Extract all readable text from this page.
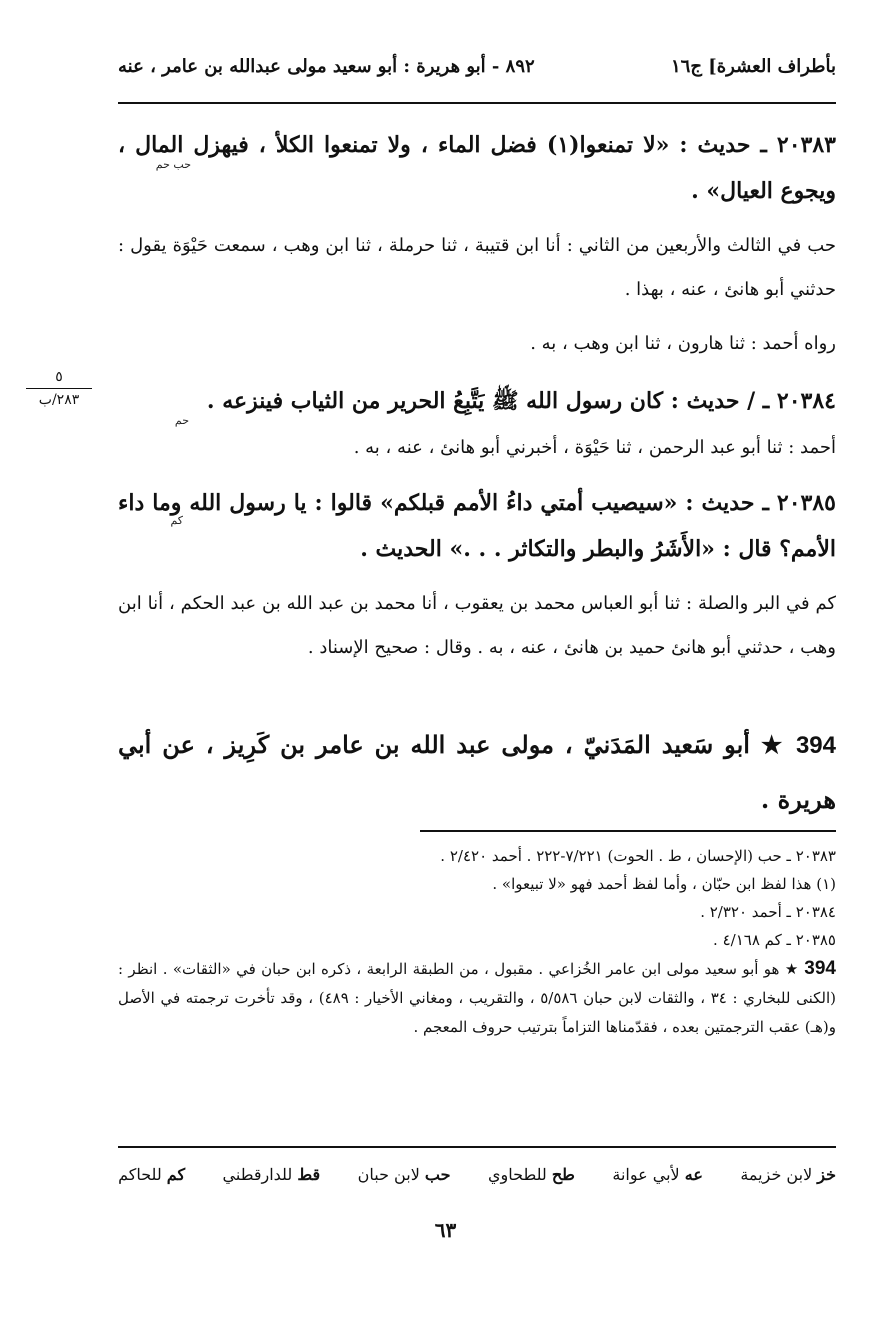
بأطراف العشرة] ج١٦
٨٩٢ - أبو هريرة : أبو سعيد مولى عبدالله بن عامر ، عنه
٥
٢٨٣/ب
٢٠٣٨٣ ـ حديث : «لا تمنعوا(١) فضل الماء ، ولا تمنعوا الكلأ ، فيهزل المال ، ويجوع العيال» .
حب حم
حب في الثالث والأربعين من الثاني : أنا ابن قتيبة ، ثنا حرملة ، ثنا ابن وهب ، سمعت حَيْوَة يقول : حدثني أبو هانئ ، عنه ، بهذا .
رواه أحمد : ثنا هارون ، ثنا ابن وهب ، به .
٢٠٣٨٤ ـ / حديث : كان رسول الله ﷺ يَتَّبِعُ الحرير من الثياب فينزعه .
حم
أحمد : ثنا أبو عبد الرحمن ، ثنا حَيْوَة ، أخبرني أبو هانئ ، عنه ، به .
٢٠٣٨٥ ـ حديث : «سيصيب أمتي داءُ الأمم قبلكم» قالوا : يا رسول الله وما داء الأمم؟ قال : «الأَشَرُ والبطر والتكاثر . . .» الحديث .
كم
كم في البر والصلة : ثنا أبو العباس محمد بن يعقوب ، أنا محمد بن عبد الله بن عبد الحكم ، أنا ابن وهب ، حدثني أبو هانئ حميد بن هانئ ، عنه ، به . وقال : صحيح الإسناد .
394 ★ أبو سَعيد المَدَنيّ ، مولى عبد الله بن عامر بن كَرِيز ، عن أبي هريرة .
٢٠٣٨٣ ـ حب (الإحسان ، ط . الحوت) ٧/٢٢١-٢٢٢ . أحمد ٢/٤٢٠ .
(١) هذا لفظ ابن حبّان ، وأما لفظ أحمد فهو «لا تبيعوا» .
٢٠٣٨٤ ـ أحمد ٢/٣٢٠ .
٢٠٣٨٥ ـ كم ٤/١٦٨ .
394 ★ هو أبو سعيد مولى ابن عامر الخُزاعي . مقبول ، من الطبقة الرابعة ، ذكره ابن حبان في «الثقات» . انظر : (الكنى للبخاري : ٣٤ ، والثقات لابن حبان ٥/٥٨٦ ، والتقريب ، ومغاني الأخيار : ٤٨٩) ، وقد تأخرت ترجمته في الأصل و(هـ) عقب الترجمتين بعده ، فقدّمناها التزاماً بترتيب حروف المعجم .
خز لابن خزيمة
عه لأبي عوانة
طح للطحاوي
حب لابن حبان
قط للدارقطني
كم للحاكم
٦٣
